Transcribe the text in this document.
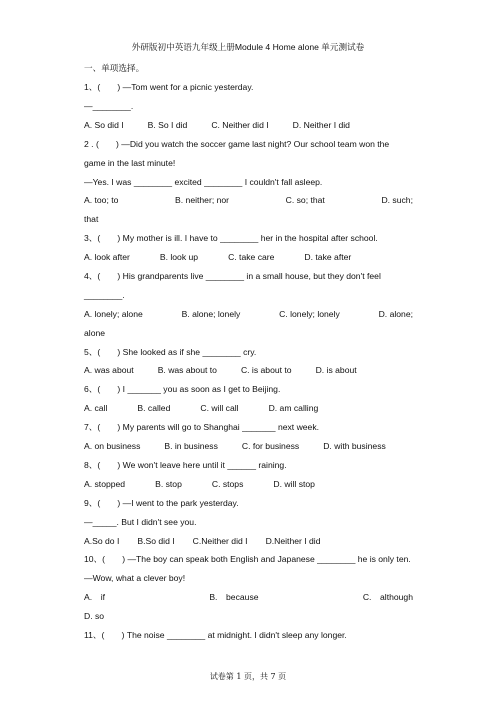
外研版初中英语九年级上册Module 4 Home alone 单元测试卷
一、单项选择。
1、(　　) —Tom went for a picnic yesterday.
—________.
A. So did I	B. So I did	C. Neither did I	D. Neither I did
2 . (　　) —Did you watch the soccer game last night? Our school team won the game in the last minute!
—Yes. I was ________ excited ________ I couldn't fall asleep.
A. too; to	B. neither; nor	C. so; that	D. such;
that
3、(　　) My mother is ill. I have to ________ her in the hospital after school.
A. look after	B. look up	C. take care	D. take after
4、(　　) His grandparents live ________ in a small house, but they don't feel ________.
A. lonely; alone	B. alone; lonely	C. lonely; lonely	D. alone;
alone
5、(　　) She looked as if she ________ cry.
A. was about	B. was about to	C. is about to	D. is about
6、(　　) I _______ you as soon as I get to Beijing.
A. call	B. called	C. will call	D. am calling
7、(　　) My parents will go to Shanghai _______ next week.
A. on business	B. in business	C. for business	D. with business
8、(　　) We won't leave here until it ______ raining.
A. stopped	B. stop	C. stops	D. will stop
9、(　　) —I went to the park yesterday.
—_____. But I didn't see you.
A.So do I B.So did I C.Neither did I D.Neither I did
10、(　　) —The boy can speak both English and Japanese ________ he is only ten.
—Wow, what a clever boy!
A.　if	B.　because	C.　although
D. so
11、(　　) The noise ________ at midnight. I didn't sleep any longer.
试卷第 1 页，共 7 页
